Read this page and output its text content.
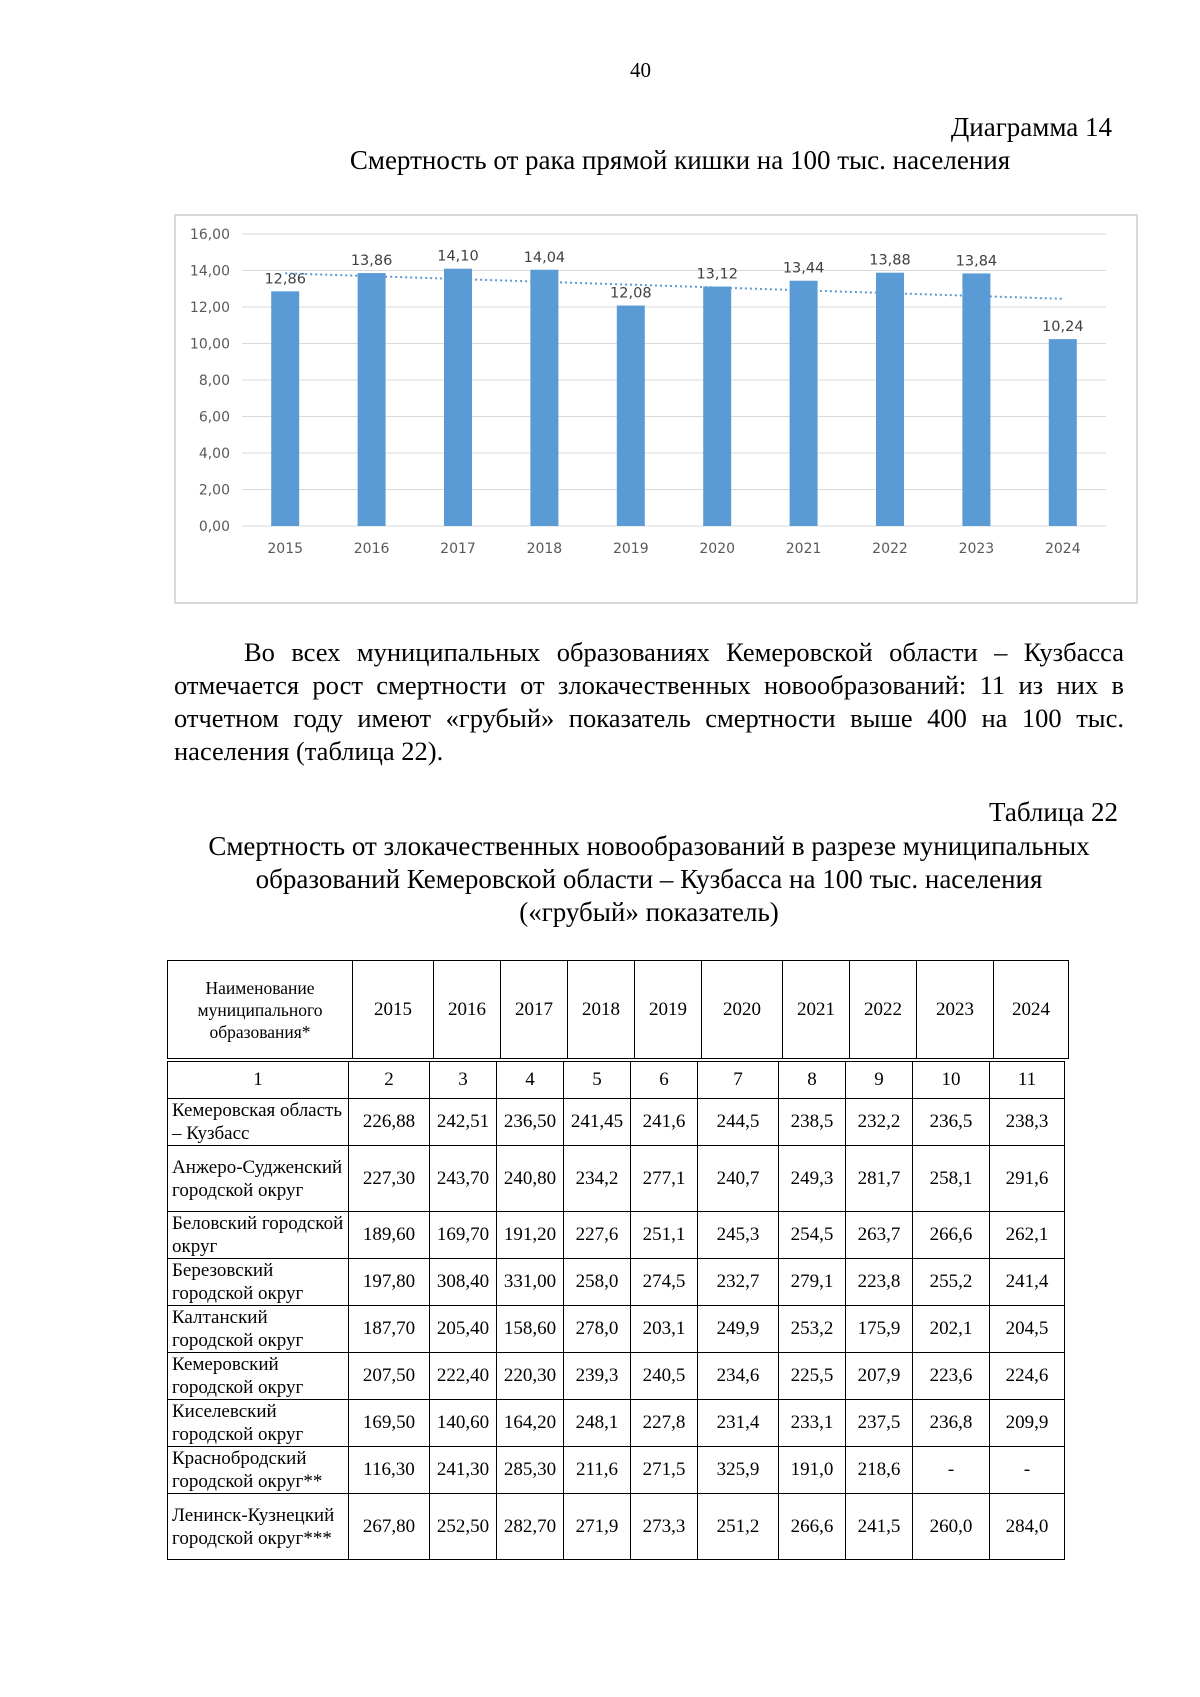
40
Диаграмма 14
Смертность от рака прямой кишки на 100 тыс. населения
0,00
2,00
4,00
6,00
8,00
10,00
12,00
14,00
16,00
12,86
2015
13,86
2016
14,10
2017
14,04
2018
12,08
2019
13,12
2020
13,44
2021
13,88
2022
13,84
2023
10,24
2024
Во всех муниципальных образованиях Кемеровской области – Кузбасса отмечается рост смертности от злокачественных новообразований: 11 из них в отчетном году имеют «грубый» показатель смертности выше 400 на 100 тыс. населения (таблица 22).
Таблица 22
Смертность от злокачественных новообразований в разрезе муниципальных
образований Кемеровской области – Кузбасса на 100 тыс. населения
(«грубый» показатель)
Наименование муниципального образования*	2015	2016	2017	2018	2019	2020	2021	2022	2023	2024
1	2	3	4	5	6	7	8	9	10	11
Кемеровская область – Кузбасс	226,88	242,51	236,50	241,45	241,6	244,5	238,5	232,2	236,5	238,3
Анжеро-Судженский городской округ	227,30	243,70	240,80	234,2	277,1	240,7	249,3	281,7	258,1	291,6
Беловский городской округ	189,60	169,70	191,20	227,6	251,1	245,3	254,5	263,7	266,6	262,1
Березовский городской округ	197,80	308,40	331,00	258,0	274,5	232,7	279,1	223,8	255,2	241,4
Калтанский городской округ	187,70	205,40	158,60	278,0	203,1	249,9	253,2	175,9	202,1	204,5
Кемеровский городской округ	207,50	222,40	220,30	239,3	240,5	234,6	225,5	207,9	223,6	224,6
Киселевский городской округ	169,50	140,60	164,20	248,1	227,8	231,4	233,1	237,5	236,8	209,9
Краснобродский городской округ**	116,30	241,30	285,30	211,6	271,5	325,9	191,0	218,6	-	-
Ленинск-Кузнецкий городской округ***	267,80	252,50	282,70	271,9	273,3	251,2	266,6	241,5	260,0	284,0
